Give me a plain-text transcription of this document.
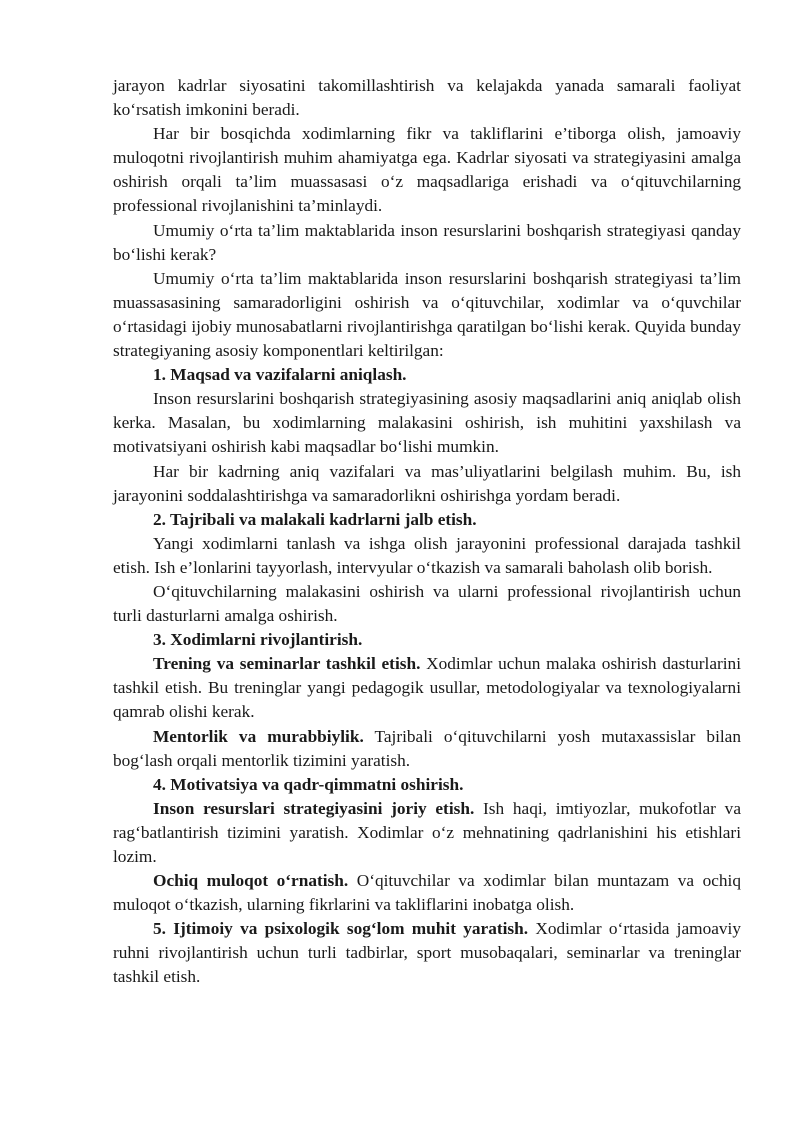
jarayon kadrlar siyosatini takomillashtirish va kelajakda yanada samarali faoliyat ko‘rsatish imkonini beradi.

Har bir bosqichda xodimlarning fikr va takliflarini e’tiborga olish, jamoaviy muloqotni rivojlantirish muhim ahamiyatga ega. Kadrlar siyosati va strategiyasini amalga oshirish orqali ta’lim muassasasi o‘z maqsadlariga erishadi va o‘qituvchilarning professional rivojlanishini ta’minlaydi.

Umumiy o‘rta ta’lim maktablarida inson resurslarini boshqarish strategiyasi qanday bo‘lishi kerak?

Umumiy o‘rta ta’lim maktablarida inson resurslarini boshqarish strategiyasi ta’lim muassasasining samaradorligini oshirish va o‘qituvchilar, xodimlar va o‘quvchilar o‘rtasidagi ijobiy munosabatlarni rivojlantirishga qaratilgan bo‘lishi kerak. Quyida bunday strategiyaning asosiy komponentlari keltirilgan:

1. Maqsad va vazifalarni aniqlash.

Inson resurslarini boshqarish strategiyasining asosiy maqsadlarini aniq aniqlab olish kerka. Masalan, bu xodimlarning malakasini oshirish, ish muhitini yaxshilash va motivatsiyani oshirish kabi maqsadlar bo‘lishi mumkin.

Har bir kadrning aniq vazifalari va mas’uliyatlarini belgilash muhim. Bu, ish jarayonini soddalashtirishga va samaradorlikni oshirishga yordam beradi.

2. Tajribali va malakali kadrlarni jalb etish.

Yangi xodimlarni tanlash va ishga olish jarayonini professional darajada tashkil etish. Ish e’lonlarini tayyorlash, intervyular o‘tkazish va samarali baholash olib borish.

O‘qituvchilarning malakasini oshirish va ularni professional rivojlantirish uchun turli dasturlarni amalga oshirish.

3. Xodimlarni rivojlantirish.

Trening va seminarlar tashkil etish. Xodimlar uchun malaka oshirish dasturlarini tashkil etish. Bu treninglar yangi pedagogik usullar, metodologiyalar va texnologiyalarni qamrab olishi kerak.

Mentorlik va murabbiylik. Tajribali o‘qituvchilarni yosh mutaxassislar bilan bog‘lash orqali mentorlik tizimini yaratish.

4. Motivatsiya va qadr-qimmatni oshirish.

Inson resurslari strategiyasini joriy etish. Ish haqi, imtiyozlar, mukofotlar va rag‘batlantirish tizimini yaratish. Xodimlar o‘z mehnatining qadrlanishini his etishlari lozim.

Ochiq muloqot o‘rnatish. O‘qituvchilar va xodimlar bilan muntazam va ochiq muloqot o‘tkazish, ularning fikrlarini va takliflarini inobatga olish.

5. Ijtimoiy va psixologik sog‘lom muhit yaratish. Xodimlar o‘rtasida jamoaviy ruhni rivojlantirish uchun turli tadbirlar, sport musobaqalari, seminarlar va treninglar tashkil etish.
